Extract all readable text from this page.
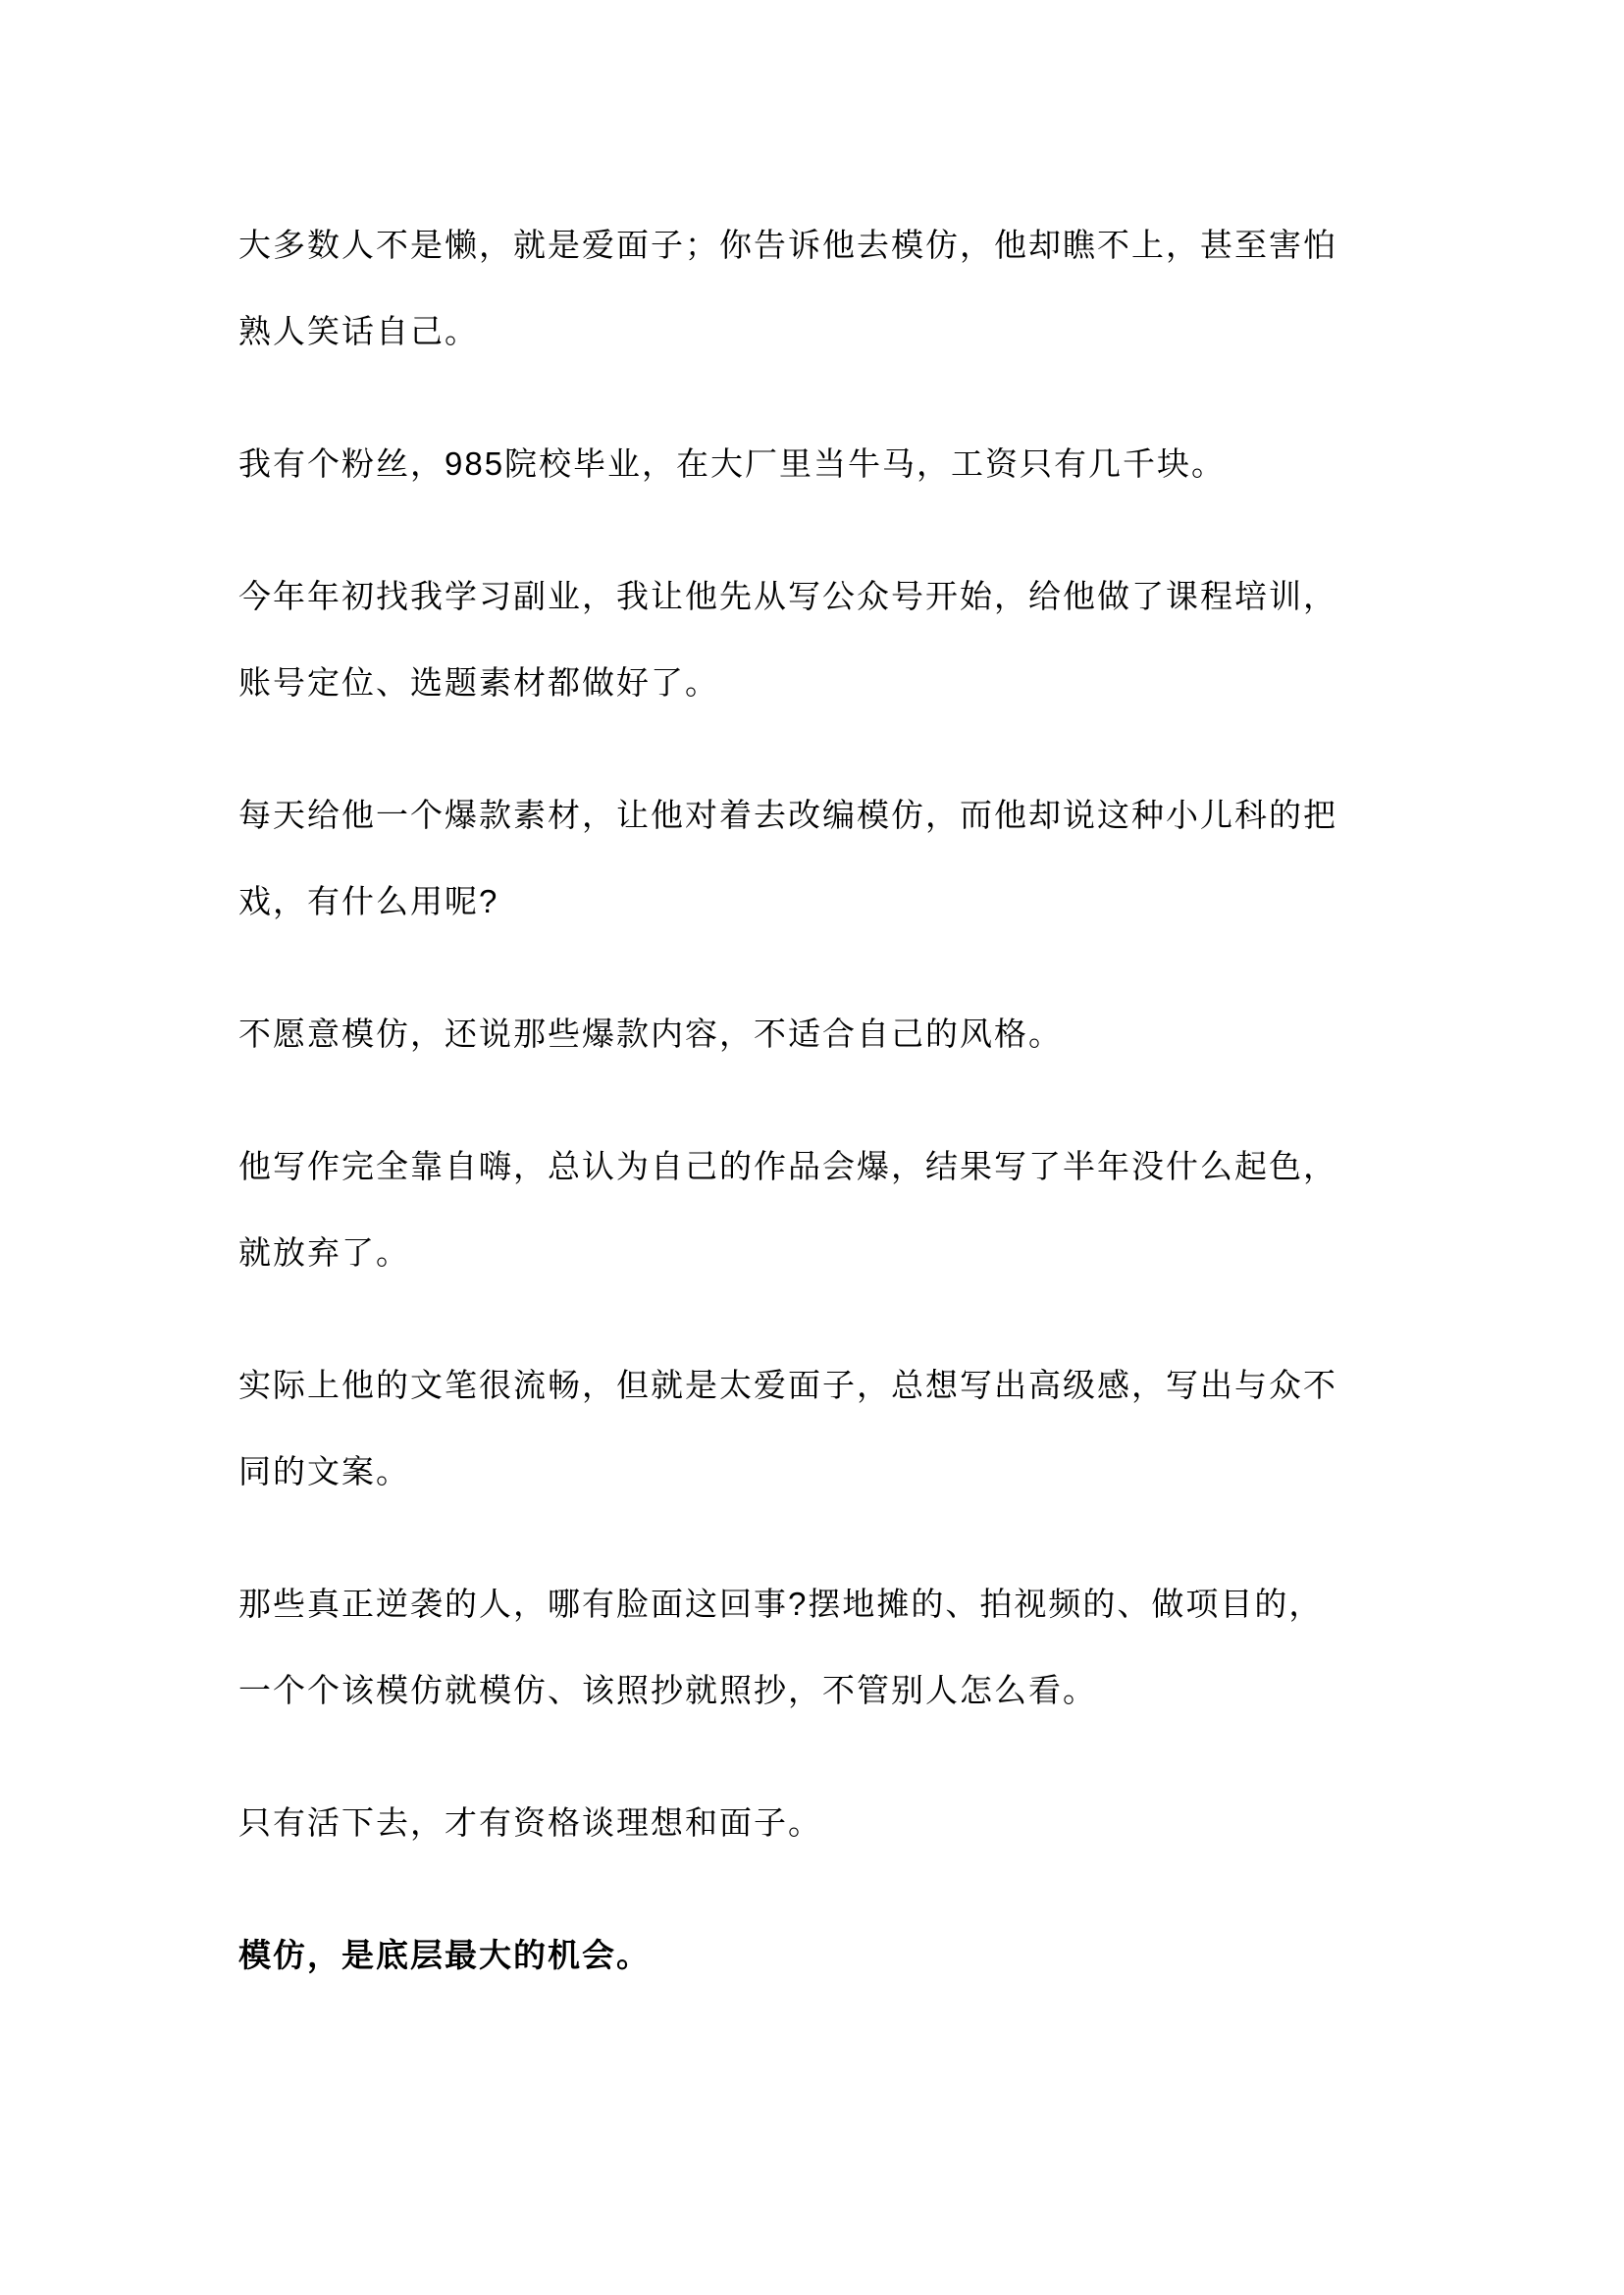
大多数人不是懒，就是爱面子；你告诉他去模仿，他却瞧不上，甚至害怕
熟人笑话自己。

我有个粉丝，985院校毕业，在大厂里当牛马，工资只有几千块。

今年年初找我学习副业，我让他先从写公众号开始，给他做了课程培训，
账号定位、选题素材都做好了。

每天给他一个爆款素材，让他对着去改编模仿，而他却说这种小儿科的把
戏，有什么用呢?

不愿意模仿，还说那些爆款内容，不适合自己的风格。

他写作完全靠自嗨，总认为自己的作品会爆，结果写了半年没什么起色，
就放弃了。

实际上他的文笔很流畅，但就是太爱面子，总想写出高级感，写出与众不
同的文案。

那些真正逆袭的人，哪有脸面这回事?摆地摊的、拍视频的、做项目的，
一个个该模仿就模仿、该照抄就照抄，不管别人怎么看。

只有活下去，才有资格谈理想和面子。

模仿，是底层最大的机会。
